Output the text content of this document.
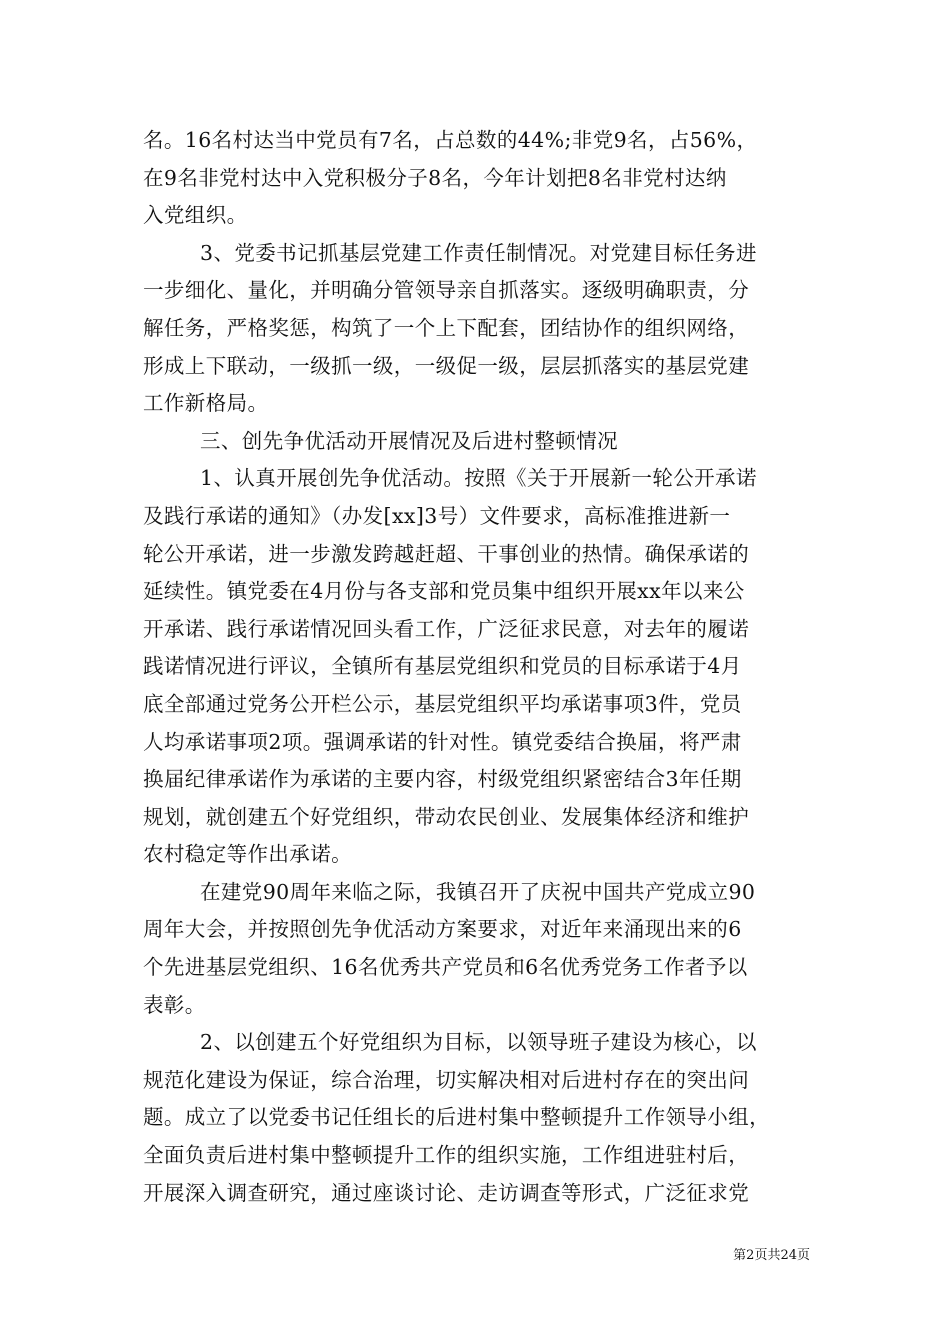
名。16名村达当中党员有7名，占总数的44%;非党9名，占56%，
在9名非党村达中入党积极分子8名，今年计划把8名非党村达纳
入党组织。
3、党委书记抓基层党建工作责任制情况。对党建目标任务进
一步细化、量化，并明确分管领导亲自抓落实。逐级明确职责，分
解任务，严格奖惩，构筑了一个上下配套，团结协作的组织网络，
形成上下联动，一级抓一级，一级促一级，层层抓落实的基层党建
工作新格局。
三、创先争优活动开展情况及后进村整顿情况
1、认真开展创先争优活动。按照《关于开展新一轮公开承诺
及践行承诺的通知》（办发[xx]3号）文件要求，高标准推进新一
轮公开承诺，进一步激发跨越赶超、干事创业的热情。确保承诺的
延续性。镇党委在4月份与各支部和党员集中组织开展xx年以来公
开承诺、践行承诺情况回头看工作，广泛征求民意，对去年的履诺
践诺情况进行评议，全镇所有基层党组织和党员的目标承诺于4月
底全部通过党务公开栏公示，基层党组织平均承诺事项3件，党员
人均承诺事项2项。强调承诺的针对性。镇党委结合换届，将严肃
换届纪律承诺作为承诺的主要内容，村级党组织紧密结合3年任期
规划，就创建五个好党组织，带动农民创业、发展集体经济和维护
农村稳定等作出承诺。
在建党90周年来临之际，我镇召开了庆祝中国共产党成立90
周年大会，并按照创先争优活动方案要求，对近年来涌现出来的6
个先进基层党组织、16名优秀共产党员和6名优秀党务工作者予以
表彰。
2、以创建五个好党组织为目标，以领导班子建设为核心，以
规范化建设为保证，综合治理，切实解决相对后进村存在的突出问
题。成立了以党委书记任组长的后进村集中整顿提升工作领导小组，
全面负责后进村集中整顿提升工作的组织实施，工作组进驻村后，
开展深入调查研究，通过座谈讨论、走访调查等形式，广泛征求党
第2页共24页
